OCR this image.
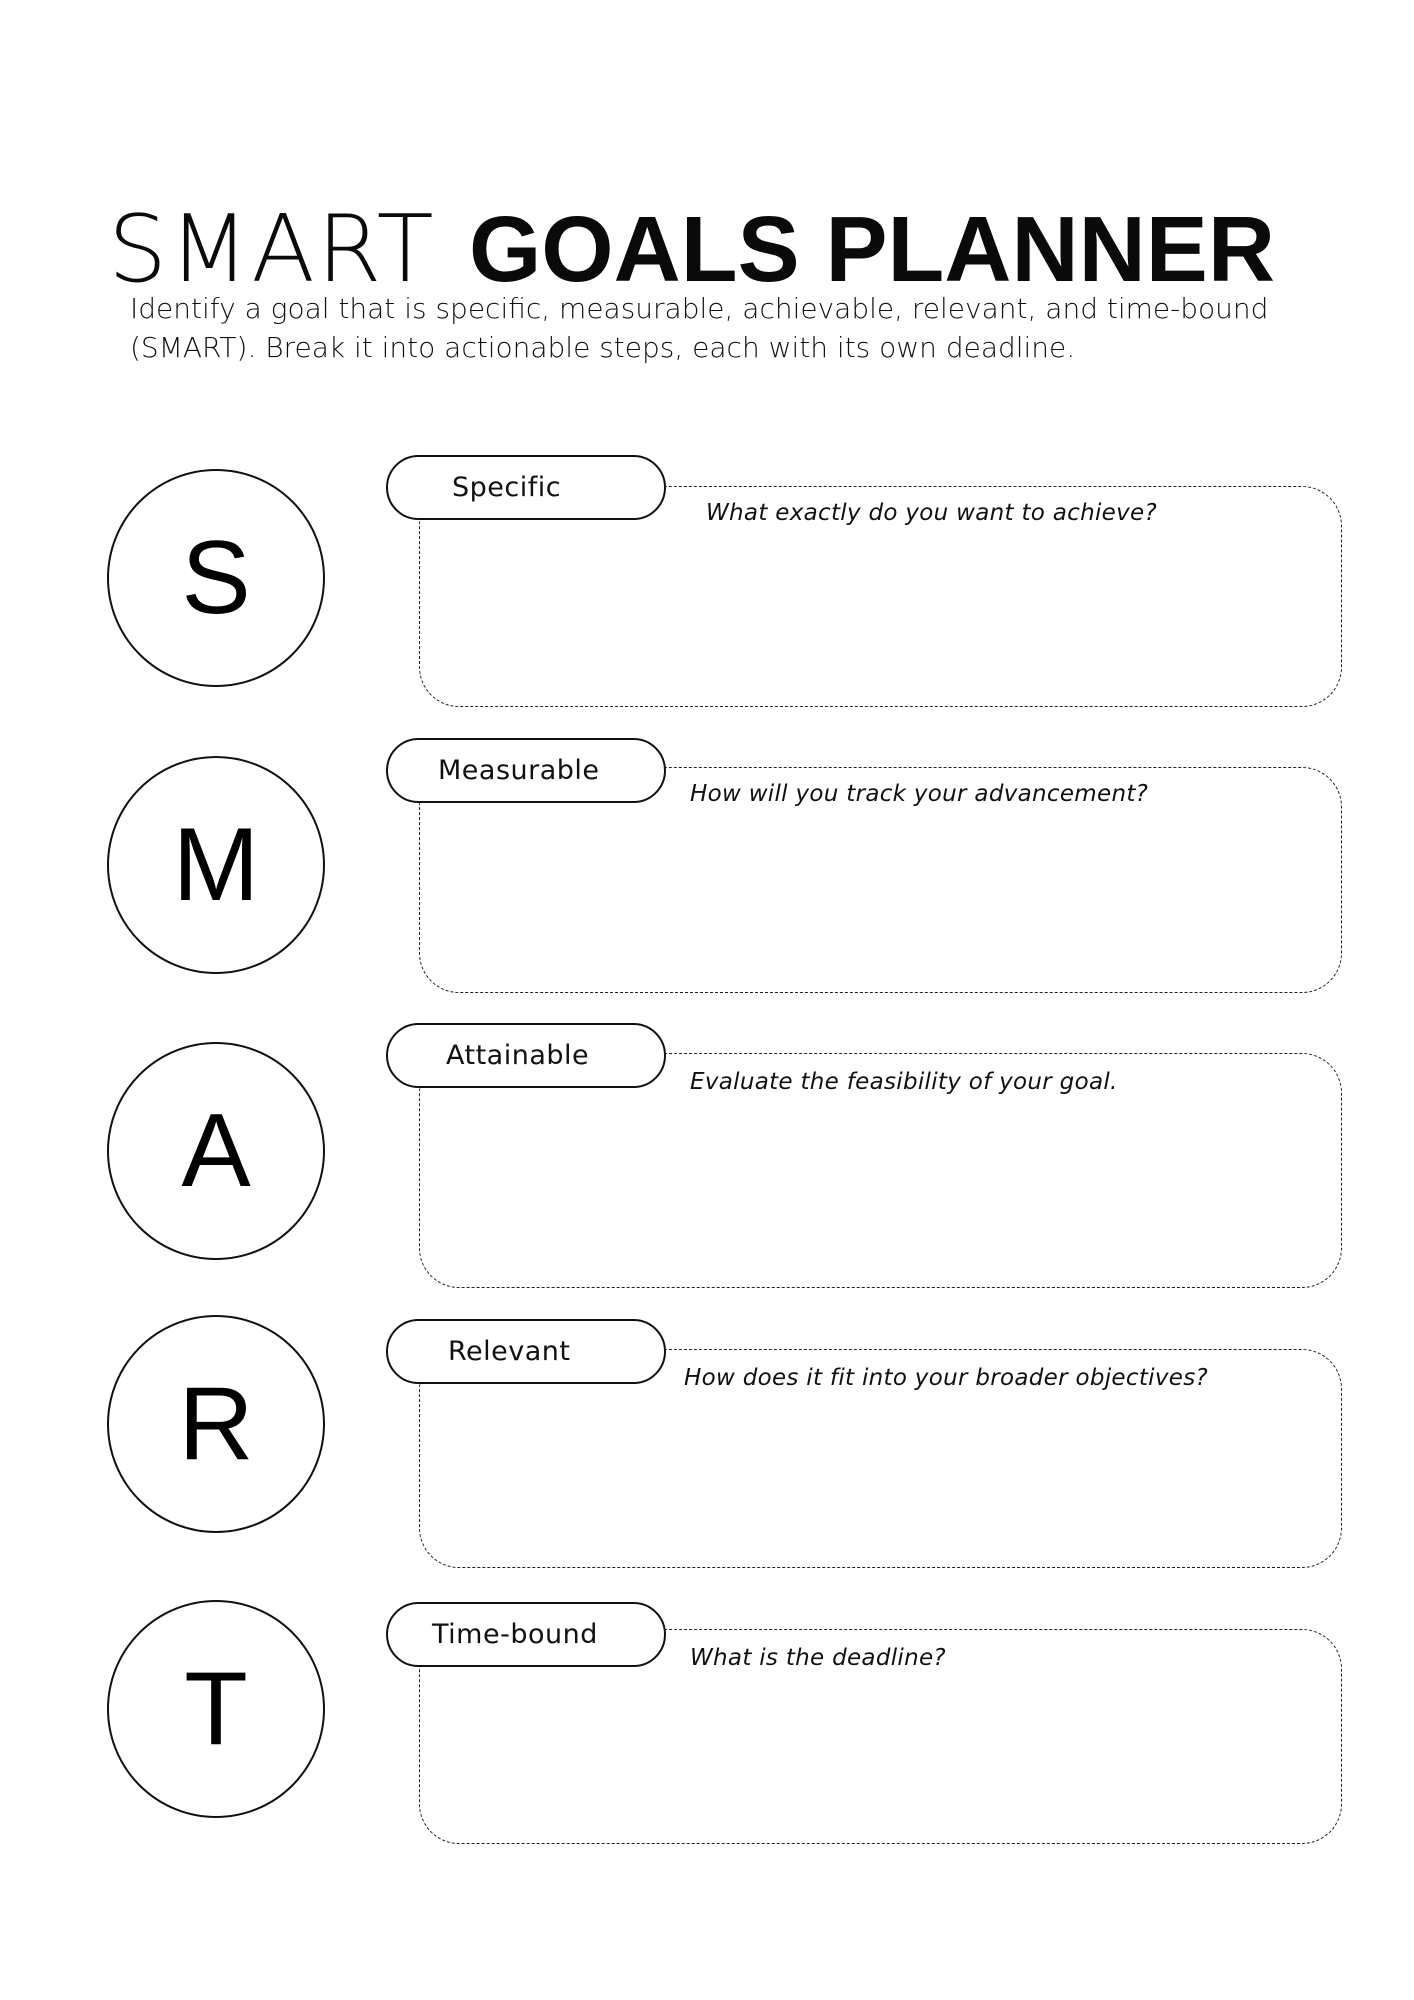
SMART GOALS PLANNER

Identify a goal that is specific, measurable, achievable, relevant, and time-bound (SMART). Break it into actionable steps, each with its own deadline.

S
Specific
What exactly do you want to achieve?
M
Measurable
How will you track your advancement?
A
Attainable
Evaluate the feasibility of your goal.
R
Relevant
How does it fit into your broader objectives?
T
Time-bound
What is the deadline?
